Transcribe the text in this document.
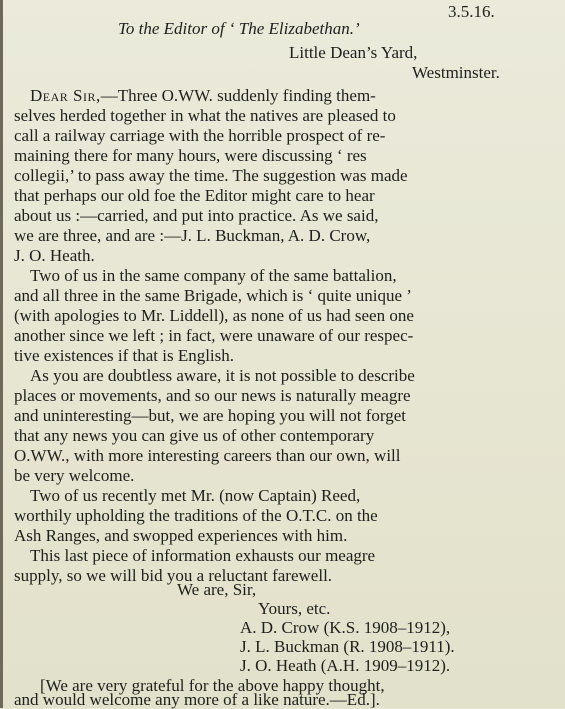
3.5.16.
To the Editor of ‘ The Elizabethan.’
Little Dean’s Yard,
Westminster.
Dear Sir,—Three O.WW. suddenly finding them-
selves herded together in what the natives are pleased to
call a railway carriage with the horrible prospect of re-
maining there for many hours, were discussing ‘ res
collegii,’ to pass away the time. The suggestion was made
that perhaps our old foe the Editor might care to hear
about us :—carried, and put into practice. As we said,
we are three, and are :—J. L. Buckman, A. D. Crow,
J. O. Heath.
Two of us in the same company of the same battalion,
and all three in the same Brigade, which is ‘ quite unique ’
(with apologies to Mr. Liddell), as none of us had seen one
another since we left ; in fact, were unaware of our respec-
tive existences if that is English.
As you are doubtless aware, it is not possible to describe
places or movements, and so our news is naturally meagre
and uninteresting—but, we are hoping you will not forget
that any news you can give us of other contemporary
O.WW., with more interesting careers than our own, will
be very welcome.
Two of us recently met Mr. (now Captain) Reed,
worthily upholding the traditions of the O.T.C. on the
Ash Ranges, and swopped experiences with him.
This last piece of information exhausts our meagre
supply, so we will bid you a reluctant farewell.
We are, Sir,
Yours, etc.
A. D. Crow (K.S. 1908–1912),
J. L. Buckman (R. 1908–1911).
J. O. Heath (A.H. 1909–1912).
[We are very grateful for the above happy thought,
and would welcome any more of a like nature.—Ed.].
